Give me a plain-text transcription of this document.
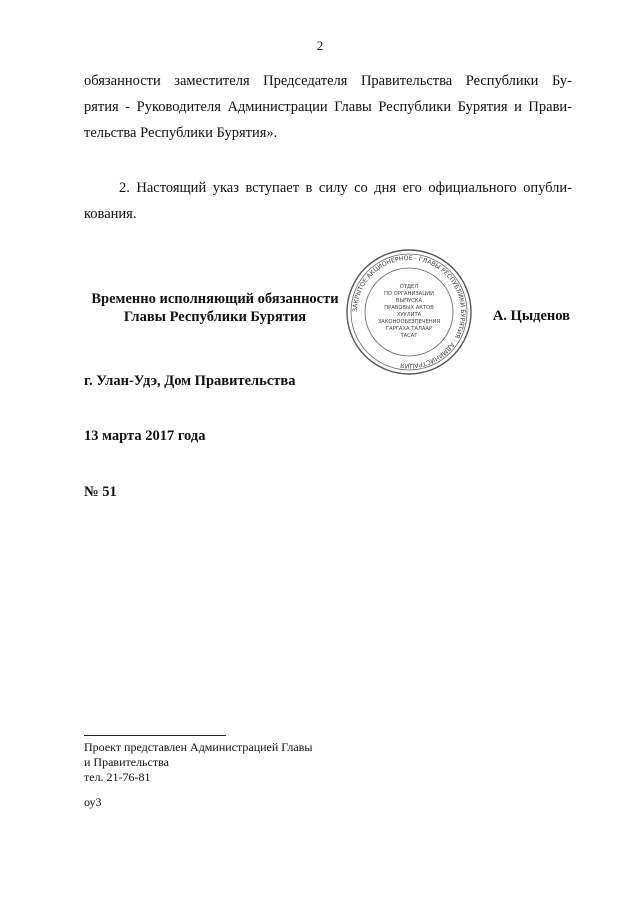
2
обязанности заместителя Председателя Правительства Республики Бу-
рятия - Руководителя Администрации Главы Республики Бурятия и Прави-
тельства Республики Бурятия».
2. Настоящий указ вступает в силу со дня его официального опубли-
кования.
Временно исполняющий обязанности
Главы Республики Бурятия	ЗАКРЫТОЕ АКЦИОНЕРНОЕ · ГЛАВЫ РЕСПУБЛИКИ БУРЯТИЯ · АДМИНИСТРАЦИЯ
ОТДЕЛ
ПО ОРГАНИЗАЦИИ
ВЫПУСКА
ПРАВОВЫХ АКТОВ
ХУУЛИТА
ЗАКОНООБЕЗПЕЧЕНИЯ
ГАРГАХА ТАЛААР
ТАСАГ
А. Цыденов
г. Улан-Удэ, Дом Правительства
13 марта 2017 года
№ 51
Проект представлен Администрацией Главы
и Правительства
тел. 21-76-81
оу3
